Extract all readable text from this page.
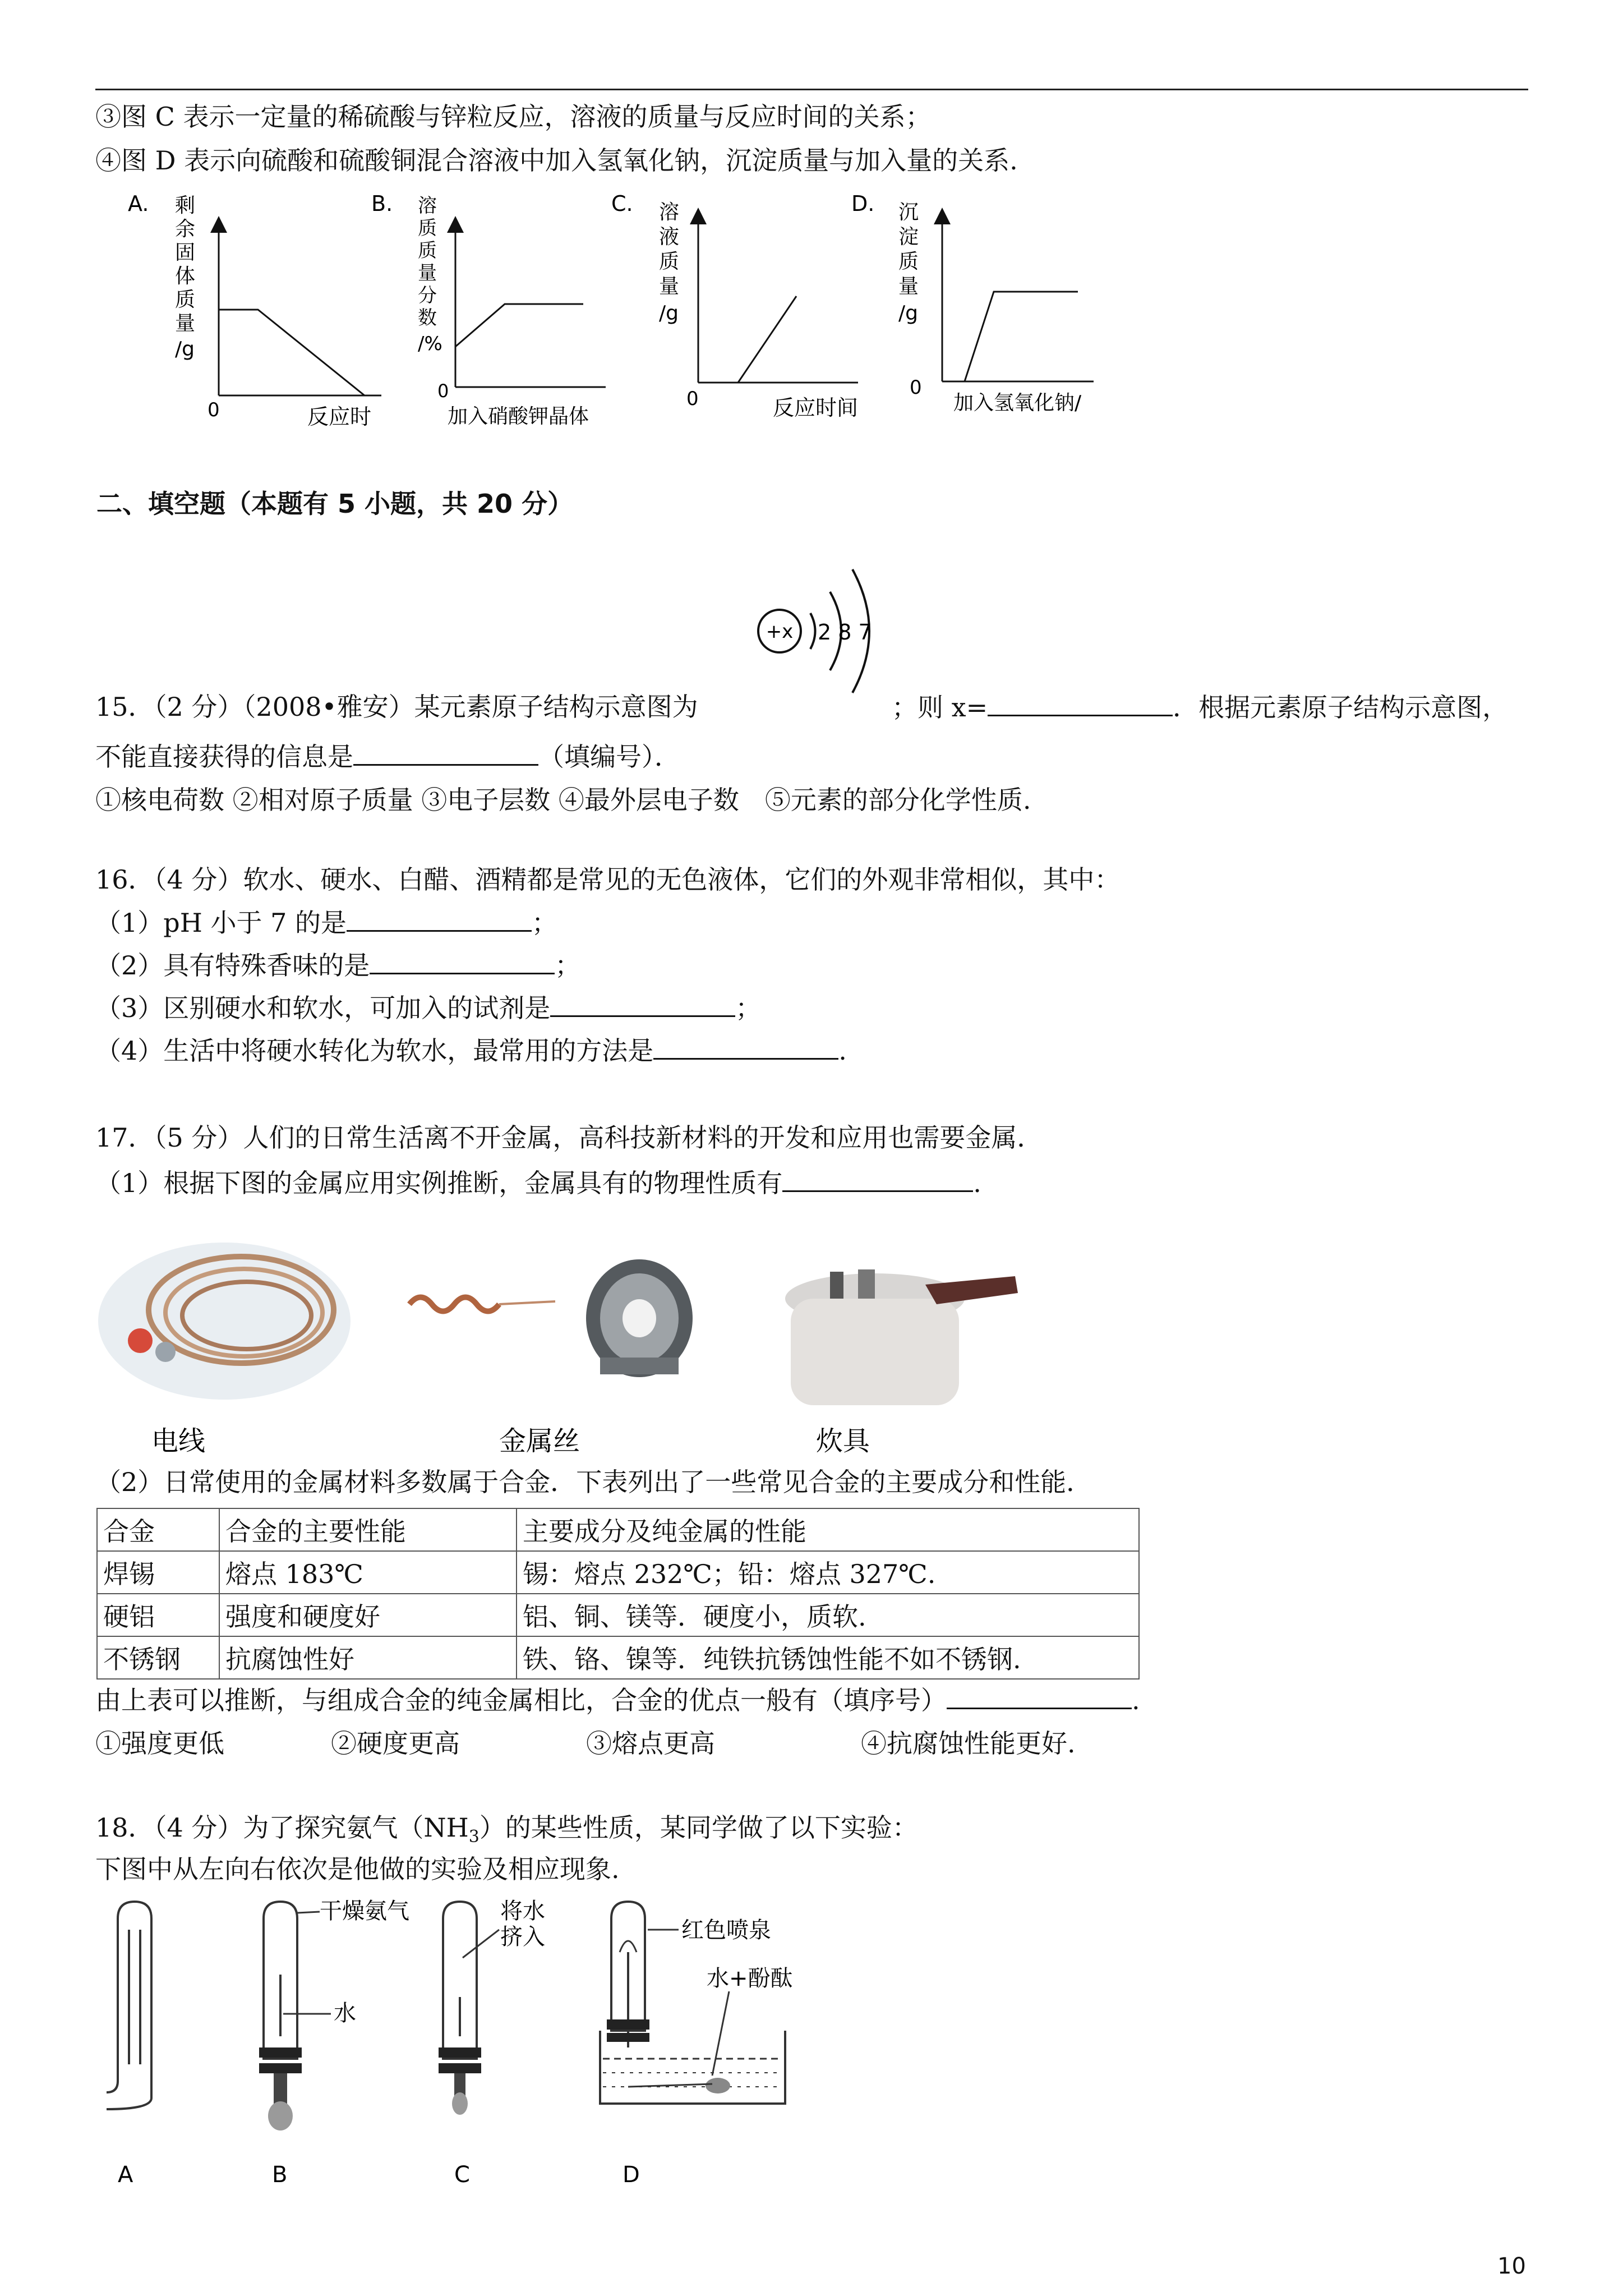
③图 C 表示一定量的稀硫酸与锌粒反应，溶液的质量与反应时间的关系；
④图 D 表示向硫酸和硫酸铜混合溶液中加入氢氧化钠，沉淀质量与加入量的关系.
A. 剩
余
固
体
质
量
/g
0	反应时
B. 溶
质
质
量
分
数
/%
0
加入硝酸钾晶体
C. 溶
液
质
量
/g
0	反应时间
D. 沉
淀
质
量
/g
0
加入氢氧化钠/
二、填空题（本题有 5 小题，共 20 分）
+x 2 8 7
15．（2 分）（2008•雅安）某元素原子结构示意图为	；则 x=	．根据元素原子结构示意图，
不能直接获得的信息是	（填编号）．
①核电荷数 ②相对原子质量 ③电子层数 ④最外层电子数　⑤元素的部分化学性质.
16．（4 分）软水、硬水、白醋、酒精都是常见的无色液体，它们的外观非常相似，其中：
（1）pH 小于 7 的是	；
（2）具有特殊香味的是	；
（3）区别硬水和软水，可加入的试剂是	；
（4）生活中将硬水转化为软水，最常用的方法是	.
17．（5 分）人们的日常生活离不开金属，高科技新材料的开发和应用也需要金属．
（1）根据下图的金属应用实例推断，金属具有的物理性质有	.
电线	金属丝	炊具
（2）日常使用的金属材料多数属于合金．下表列出了一些常见合金的主要成分和性能．
合金	合金的主要性能	主要成分及纯金属的性能
焊锡	熔点 183℃	锡：熔点 232℃；铅：熔点 327℃.
硬铝	强度和硬度好	铝、铜、镁等．硬度小，质软.
不锈钢	抗腐蚀性好	铁、铬、镍等．纯铁抗锈蚀性能不如不锈钢.
由上表可以推断，与组成合金的纯金属相比，合金的优点一般有（填序号）	.
①强度更低	②硬度更高	③熔点更高	④抗腐蚀性能更好.
18．（4 分）为了探究氨气$(NH_3)$的某些性质，某同学做了以下实验：
下图中从左向右依次是他做的实验及相应现象.
干燥氨气
水
将水
挤入	红色喷泉
水+酚酞
A	B	C	D
10
